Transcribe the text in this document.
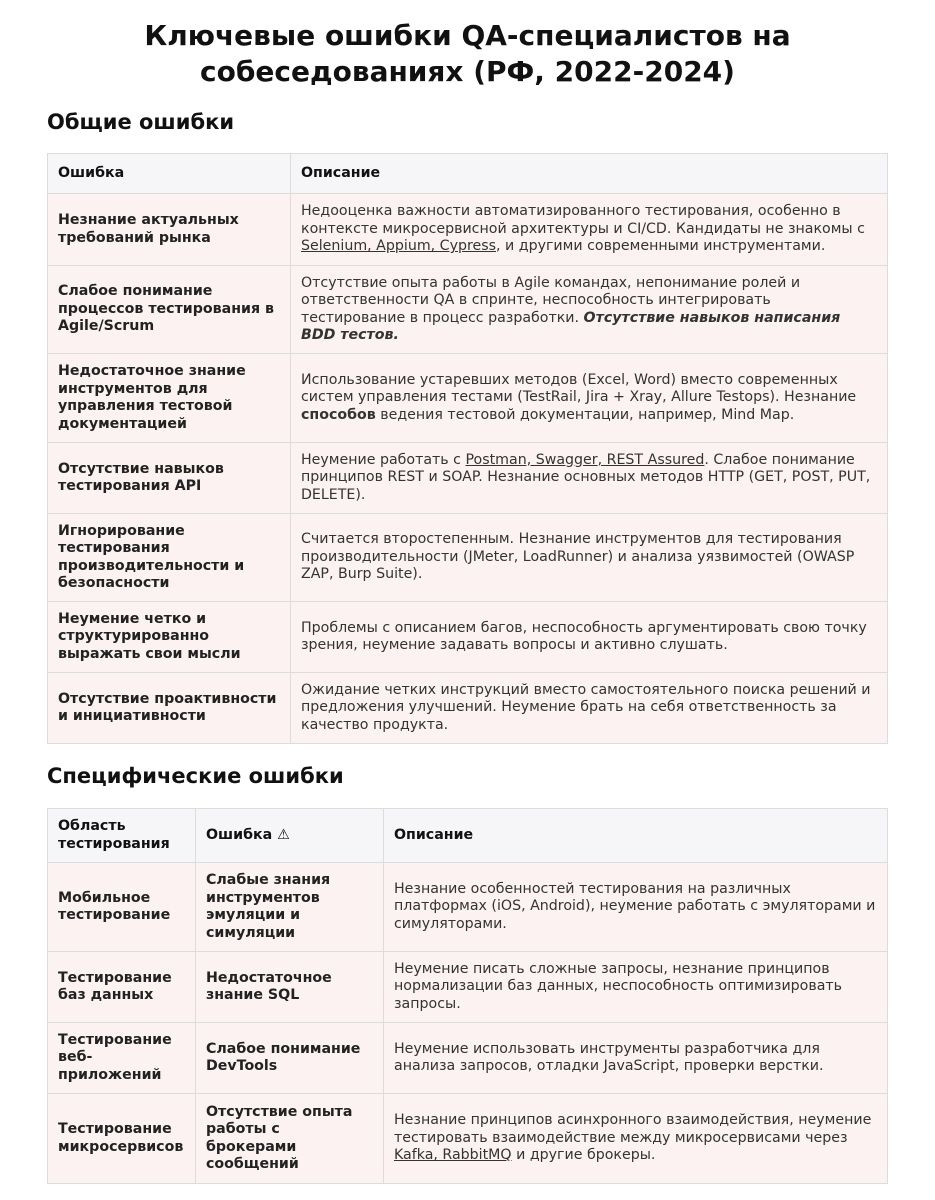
Ключевые ошибки QA-специалистов на собеседованиях (РФ, 2022-2024)
Общие ошибки
Ошибка	Описание
Незнание актуальных требований рынка	Недооценка важности автоматизированного тестирования, особенно в контексте микросервисной архитектуры и CI/CD. Кандидаты не знакомы с Selenium, Appium, Cypress, и другими современными инструментами.
Слабое понимание процессов тестирования в Agile/Scrum	Отсутствие опыта работы в Agile командах, непонимание ролей и ответственности QA в спринте, неспособность интегрировать тестирование в процесс разработки. Отсутствие навыков написания BDD тестов.
Недостаточное знание инструментов для управления тестовой документацией	Использование устаревших методов (Excel, Word) вместо современных систем управления тестами (TestRail, Jira + Xray, Allure Testops). Незнание способов ведения тестовой документации, например, Mind Map.
Отсутствие навыков тестирования API	Неумение работать с Postman, Swagger, REST Assured. Слабое понимание принципов REST и SOAP. Незнание основных методов HTTP (GET, POST, PUT, DELETE).
Игнорирование тестирования производительности и безопасности	Считается второстепенным. Незнание инструментов для тестирования производительности (JMeter, LoadRunner) и анализа уязвимостей (OWASP ZAP, Burp Suite).
Неумение четко и структурированно выражать свои мысли	Проблемы с описанием багов, неспособность аргументировать свою точку зрения, неумение задавать вопросы и активно слушать.
Отсутствие проактивности и инициативности	Ожидание четких инструкций вместо самостоятельного поиска решений и предложения улучшений. Неумение брать на себя ответственность за качество продукта.
Специфические ошибки
Область тестирования	Ошибка ⚠	Описание
Мобильное тестирование	Слабые знания инструментов эмуляции и симуляции	Незнание особенностей тестирования на различных платформах (iOS, Android), неумение работать с эмуляторами и симуляторами.
Тестирование баз данных	Недостаточное знание SQL	Неумение писать сложные запросы, незнание принципов нормализации баз данных, неспособность оптимизировать запросы.
Тестирование веб-приложений	Слабое понимание DevTools	Неумение использовать инструменты разработчика для анализа запросов, отладки JavaScript, проверки верстки.
Тестирование микросервисов	Отсутствие опыта работы с брокерами сообщений	Незнание принципов асинхронного взаимодействия, неумение тестировать взаимодействие между микросервисами через Kafka, RabbitMQ и другие брокеры.
